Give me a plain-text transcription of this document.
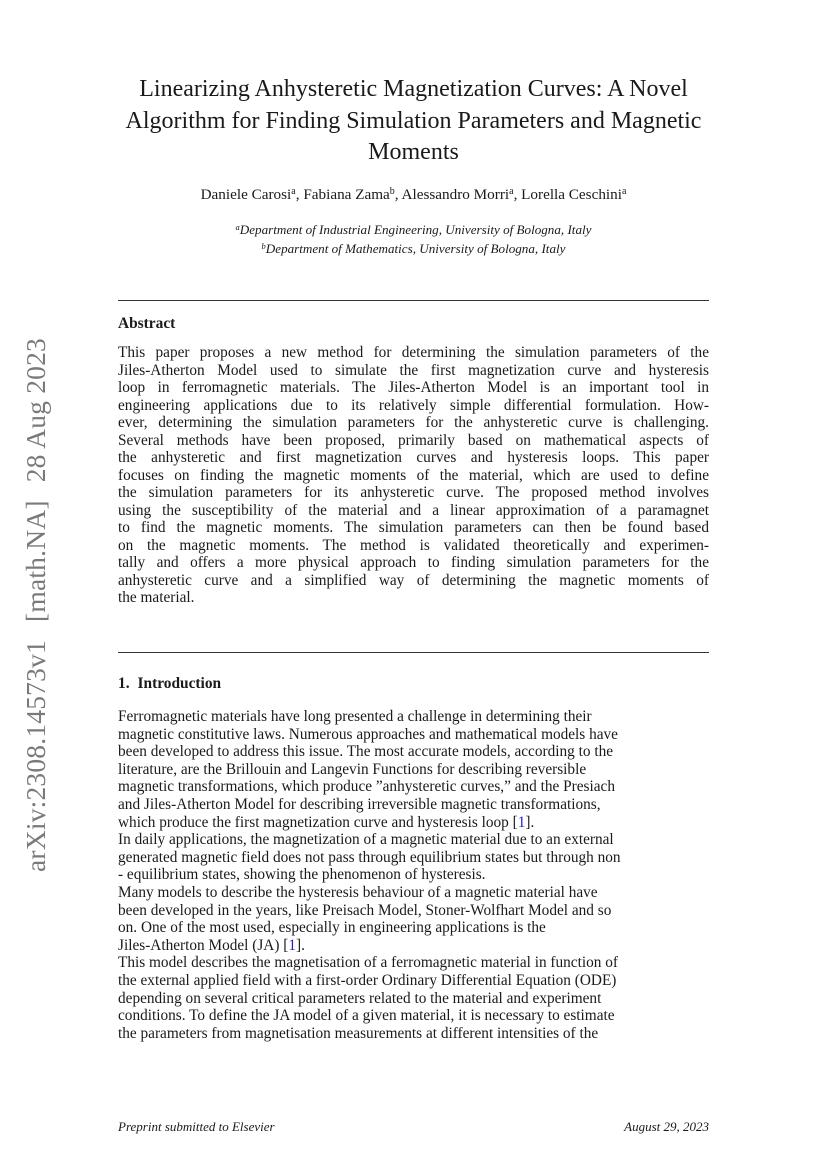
arXiv:2308.14573v1[math.NA]28 Aug 2023
Linearizing Anhysteretic Magnetization Curves: A Novel
Algorithm for Finding Simulation Parameters and Magnetic
Moments
Daniele Carosi$^a$, Fabiana Zama$^b$, Alessandro Morri$^a$, Lorella Ceschini$^a$
$^a$Department of Industrial Engineering, University of Bologna, Italy
$^b$Department of Mathematics, University of Bologna, Italy
Abstract
This paper proposes a new method for determining the simulation parameters of the
Jiles-Atherton Model used to simulate the first magnetization curve and hysteresis
loop in ferromagnetic materials. The Jiles-Atherton Model is an important tool in
engineering applications due to its relatively simple differential formulation. How-
ever, determining the simulation parameters for the anhysteretic curve is challenging.
Several methods have been proposed, primarily based on mathematical aspects of
the anhysteretic and first magnetization curves and hysteresis loops. This paper
focuses on finding the magnetic moments of the material, which are used to define
the simulation parameters for its anhysteretic curve. The proposed method involves
using the susceptibility of the material and a linear approximation of a paramagnet
to find the magnetic moments. The simulation parameters can then be found based
on the magnetic moments. The method is validated theoretically and experimen-
tally and offers a more physical approach to finding simulation parameters for the
anhysteretic curve and a simplified way of determining the magnetic moments of
the material.
1. Introduction
Ferromagnetic materials have long presented a challenge in determining their
magnetic constitutive laws. Numerous approaches and mathematical models have
been developed to address this issue. The most accurate models, according to the
literature, are the Brillouin and Langevin Functions for describing reversible
magnetic transformations, which produce ”anhysteretic curves,” and the Presiach
and Jiles-Atherton Model for describing irreversible magnetic transformations,
which produce the first magnetization curve and hysteresis loop [1].
In daily applications, the magnetization of a magnetic material due to an external
generated magnetic field does not pass through equilibrium states but through non
- equilibrium states, showing the phenomenon of hysteresis.
Many models to describe the hysteresis behaviour of a magnetic material have
been developed in the years, like Preisach Model, Stoner-Wolfhart Model and so
on. One of the most used, especially in engineering applications is the
Jiles-Atherton Model (JA) [1].
This model describes the magnetisation of a ferromagnetic material in function of
the external applied field with a first-order Ordinary Differential Equation (ODE)
depending on several critical parameters related to the material and experiment
conditions. To define the JA model of a given material, it is necessary to estimate
the parameters from magnetisation measurements at different intensities of the
Preprint submitted to Elsevier	August 29, 2023
